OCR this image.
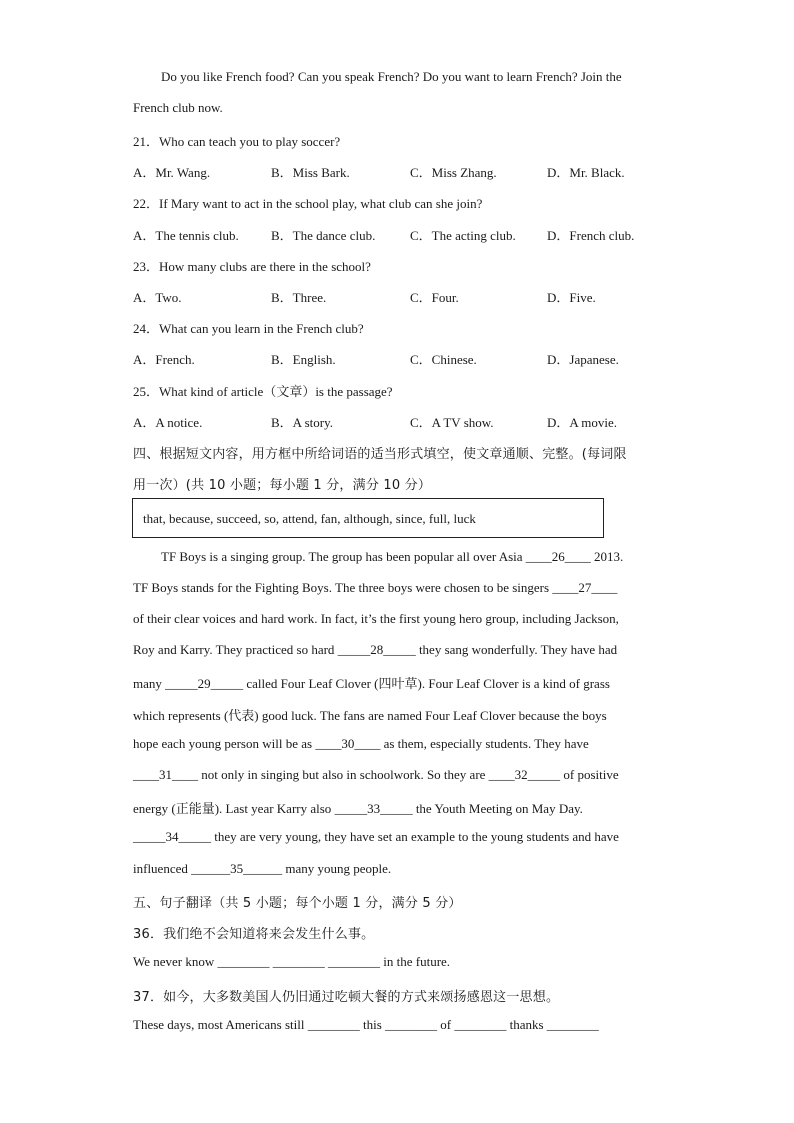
Do you like French food? Can you speak French? Do you want to learn French? Join the
French club now.
21．Who can teach you to play soccer?
A．Mr. Wang.	B．Miss Bark.	C．Miss Zhang.	D．Mr. Black.
22．If Mary want to act in the school play, what club can she join?
A．The tennis club. B．The dance club.	C．The acting club. D．French club.
23．How many clubs are there in the school?
A．Two.	B．Three.	C．Four.	D．Five.
24．What can you learn in the French club?
A．French.	B．English.	C．Chinese.	D．Japanese.
25．What kind of article（文章）is the passage?
A．A notice.	B．A story.	C．A TV show.	D．A movie.
四、根据短文内容，用方框中所给词语的适当形式填空，使文章通顺、完整。(每词限
用一次）(共 10 小题；每小题 1 分，满分 10 分）
that, because, succeed, so, attend, fan, although, since, full, luck
TF Boys is a singing group. The group has been popular all over Asia ____26____ 2013.
TF Boys stands for the Fighting Boys. The three boys were chosen to be singers ____27____
of their clear voices and hard work. In fact, it’s the first young hero group, including Jackson,
Roy and Karry. They practiced so hard _____28_____ they sang wonderfully. They have had
many _____29_____ called Four Leaf Clover (四叶草). Four Leaf Clover is a kind of grass
which represents (代表) good luck. The fans are named Four Leaf Clover because the boys
hope each young person will be as ____30____ as them, especially students. They have
____31____ not only in singing but also in schoolwork. So they are ____32_____ of positive
energy (正能量). Last year Karry also _____33_____ the Youth Meeting on May Day.
_____34_____ they are very young, they have set an example to the young students and have
influenced ______35______ many young people.
五、句子翻译（共 5 小题；每个小题 1 分，满分 5 分）
36．我们绝不会知道将来会发生什么事。
We never know ________ ________ ________ in the future.
37．如今，大多数美国人仍旧通过吃顿大餐的方式来颂扬感恩这一思想。
These days, most Americans still ________ this ________ of ________ thanks ________
